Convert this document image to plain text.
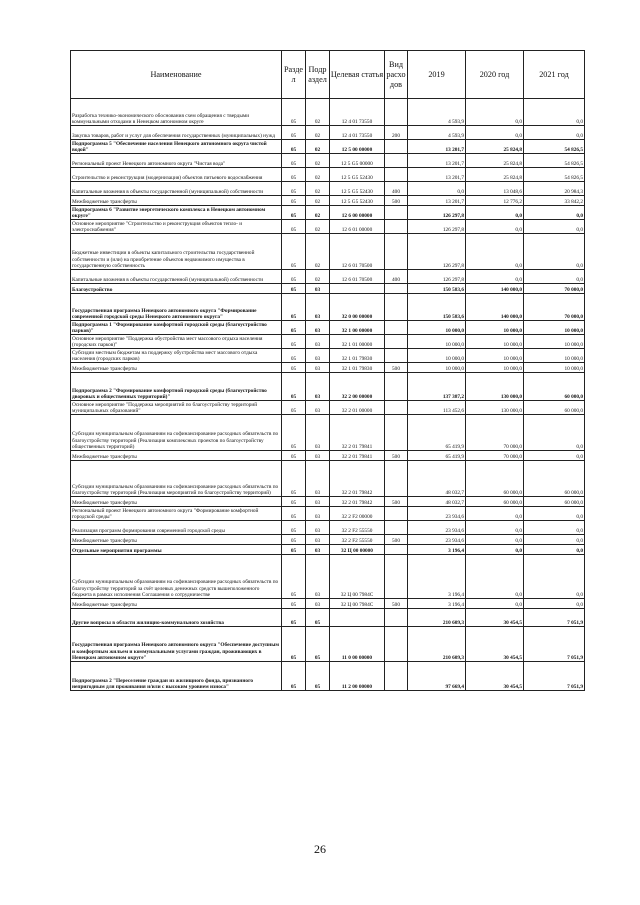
Наименование	Разде л	Подр аздел	Целевая статья	Вид расхо дов	2019	2020 год	2021 год
Разработка технико-экономического обоснования схем обращения с твердыми коммунальными отходами в Ненецком автономном округе	05	02	12 4 01 73550		4 593,9	0,0	0,0
Закупка товаров, работ и услуг для обеспечения государственных (муниципальных) нужд	05	02	12 4 01 73550	200	4 593,9	0,0	0,0
Подпрограмма 5 "Обеспечение населения Ненецкого автономного округа чистой водой"	05	02	12 5 00 00000		13 201,7	25 824,8	54 826,5
Региональный проект Ненецкого автономного округа "Чистая вода"	05	02	12 5 G5 00000		13 201,7	25 824,8	54 826,5
Строительство и реконструкция (модернизация) объектов питьевого водоснабжения	05	02	12 5 G5 52430		13 201,7	25 824,8	54 826,5
Капитальные вложения в объекты государственной (муниципальной) собственности	05	02	12 5 G5 52430	400	0,0	13 048,6	20 984,3
Межбюджетные трансферты	05	02	12 5 G5 52430	500	13 201,7	12 776,2	33 842,2
Подпрограмма 6 "Развитие энергетического комплекса в Ненецком автономном округе"	05	02	12 6 00 00000		126 297,8	0,0	0,0
Основное мероприятие "Строительство и реконструкция объектов тепло- и электроснабжения"	05	02	12 6 01 00000		126 297,8	0,0	0,0
Бюджетные инвестиции в объекты капитального строительства государственной собственности и (или) на приобретение объектов недвижимого имущества в государственную собственность	05	02	12 6 01 70500		126 297,8	0,0	0,0
Капитальные вложения в объекты государственной (муниципальной) собственности	05	02	12 6 01 70500	400	126 297,8	0,0	0,0
Благоустройство	05	03			150 583,6	140 000,0	70 000,0
Государственная программа Ненецкого автономного округа "Формирование современной городской среды Ненецкого автономного округа"	05	03	32 0 00 00000		150 583,6	140 000,0	70 000,0
Подпрограмма 1 "Формирование комфортной городской среды (благоустройство парков)"	05	03	32 1 00 00000		10 000,0	10 000,0	10 000,0
Основное мероприятие "Поддержка обустройства мест массового отдыха населения (городских парков)"	05	03	32 1 01 00000		10 000,0	10 000,0	10 000,0
Субсидии местным бюджетам на поддержку обустройства мест массового отдыха населения (городских парков)	05	03	32 1 01 79830		10 000,0	10 000,0	10 000,0
Межбюджетные трансферты	05	03	32 1 01 79830	500	10 000,0	10 000,0	10 000,0
Подпрограмма 2 "Формирование комфортной городской среды (благоустройство дворовых и общественных территорий)"	05	03	32 2 00 00000		137 387,2	130 000,0	60 000,0
Основное мероприятие "Поддержка мероприятий по благоустройству территорий муниципальных образований"	05	03	32 2 01 00000		113 452,6	130 000,0	60 000,0
Субсидии муниципальным образованиям на софинансирование расходных обязательств по благоустройству территорий (Реализация комплексных проектов по благоустройству общественных территорий)	05	03	32 2 01 79841		65 419,9	70 000,0	0,0
Межбюджетные трансферты	05	03	32 2 01 79841	500	65 419,9	70 000,0	0,0
Субсидии муниципальным образованиям на софинансирование расходных обязательств по благоустройству территорий (Реализация мероприятий по благоустройству территорий)	05	03	32 2 01 79842		48 032,7	60 000,0	60 000,0
Межбюджетные трансферты	05	03	32 2 01 79842	500	48 032,7	60 000,0	60 000,0
Региональный проект Ненецкого автономного округа "Формирование комфортной городской среды"	05	03	32 2 F2 00000		23 934,6	0,0	0,0
Реализация программ формирования современной городской среды	05	03	32 2 F2 55550		23 934,6	0,0	0,0
Межбюджетные трансферты	05	03	32 2 F2 55550	500	23 934,6	0,0	0,0
Отдельные мероприятия программы	05	03	32 Ц 00 00000		3 196,4	0,0	0,0
Субсидии муниципальным образованиям на софинансирование расходных обязательств по благоустройству территорий за счёт целевых денежных средств вышеположенного бюджета в рамках исполнения Соглашения о сотрудничестве	05	03	32 Ц 00 7984С		3 196,4	0,0	0,0
Межбюджетные трансферты	05	03	32 Ц 00 7984С	500	3 196,4	0,0	0,0
Другие вопросы в области жилищно-коммунального хозяйства	05	05			210 609,3	30 454,5	7 051,9
Государственная программа Ненецкого автономного округа "Обеспечение доступным и комфортным жильем и коммунальными услугами граждан, проживающих в Ненецком автономном округе"	05	05	11 0 00 00000		210 609,3	30 454,5	7 051,9
Подпрограмма 2 "Переселение граждан из жилищного фонда, признанного непригодным для проживания и/или с высоким уровнем износа"	05	05	11 2 00 00000		97 669,4	30 454,5	7 051,9
26
